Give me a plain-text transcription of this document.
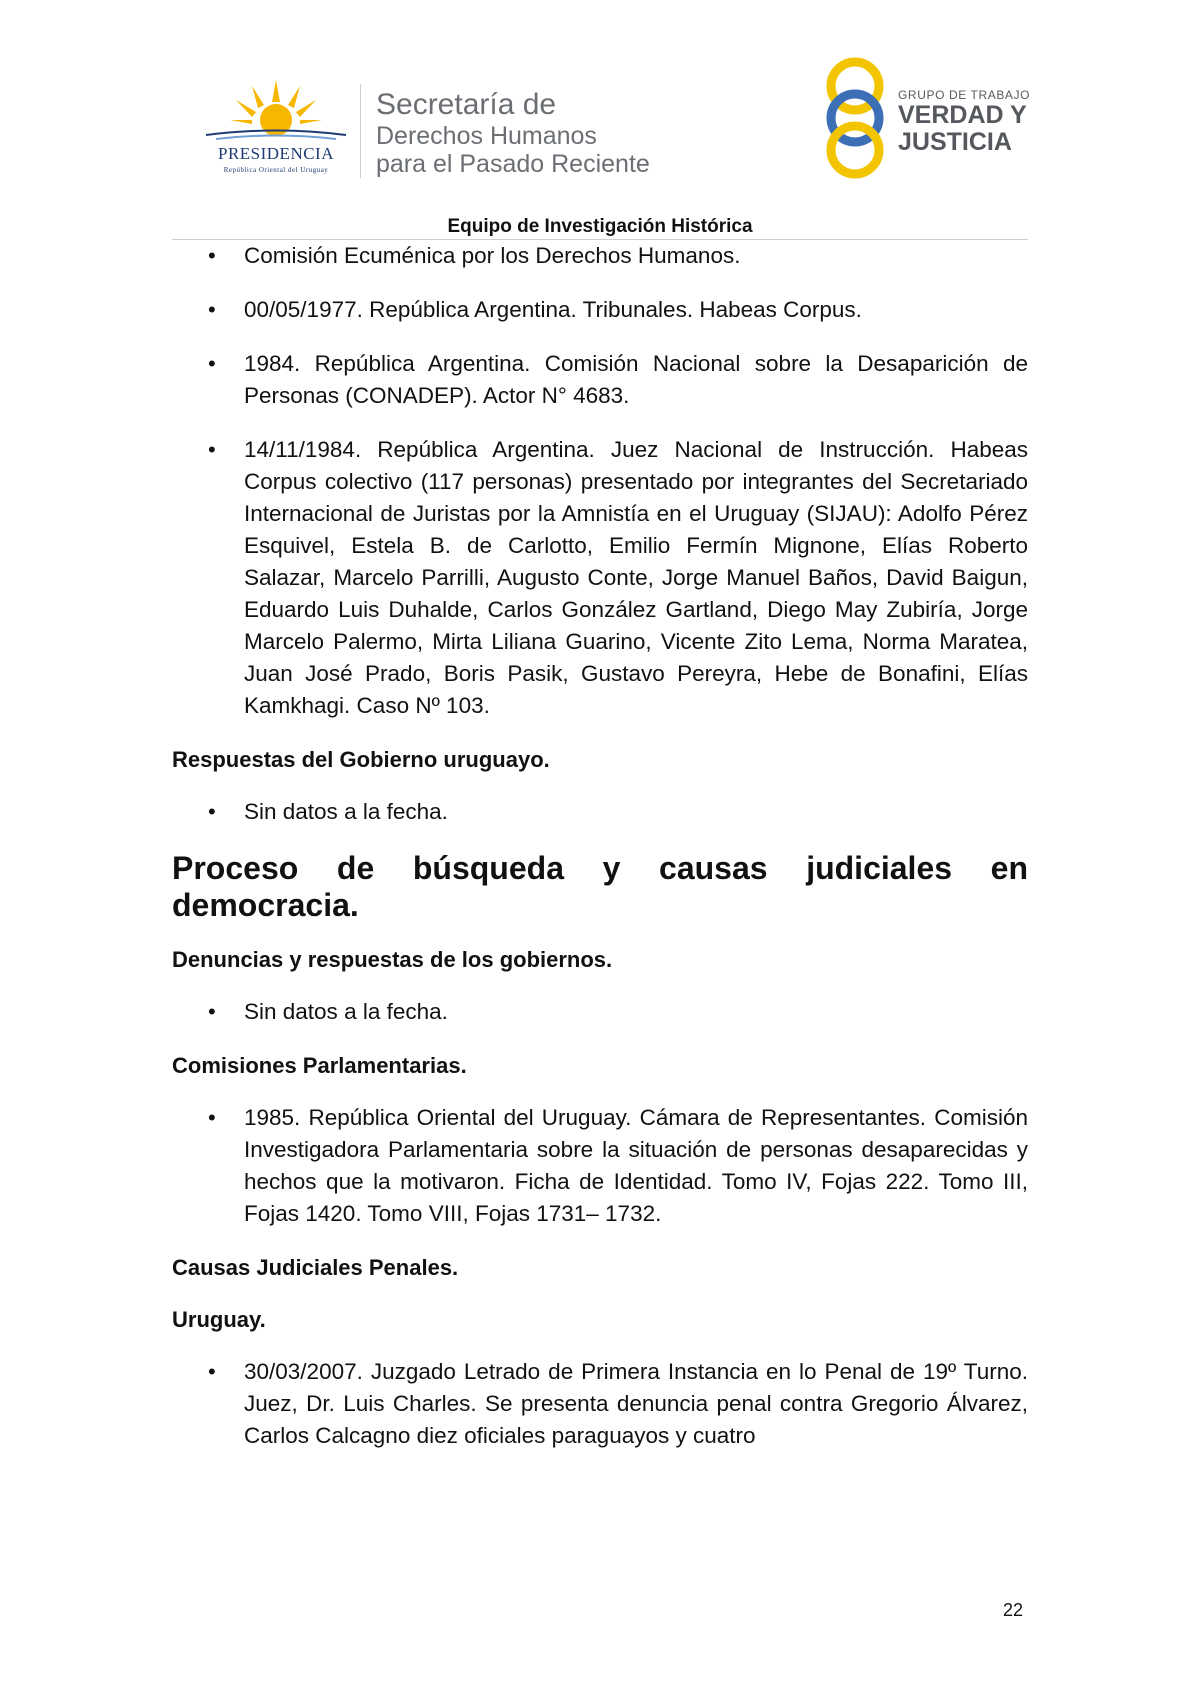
PRESIDENCIA
República Oriental del Uruguay
Secretaría de
Derechos Humanos
para el Pasado Reciente
GRUPO DE TRABAJO
VERDAD Y
JUSTICIA
Equipo de Investigación Histórica
• Comisión Ecuménica por los Derechos Humanos.
• 00/05/1977. República Argentina. Tribunales. Habeas Corpus.
• 1984. República Argentina. Comisión Nacional sobre la Desaparición de Personas (CONADEP). Actor N° 4683.
• 14/11/1984. República Argentina. Juez Nacional de Instrucción. Habeas Corpus colectivo (117 personas) presentado por integrantes del Secretariado Internacional de Juristas por la Amnistía en el Uruguay (SIJAU): Adolfo Pérez Esquivel, Estela B. de Carlotto, Emilio Fermín Mignone, Elías Roberto Salazar, Marcelo Parrilli, Augusto Conte, Jorge Manuel Baños, David Baigun, Eduardo Luis Duhalde, Carlos González Gartland, Diego May Zubiría, Jorge Marcelo Palermo, Mirta Liliana Guarino, Vicente Zito Lema, Norma Maratea, Juan José Prado, Boris Pasik, Gustavo Pereyra, Hebe de Bonafini, Elías Kamkhagi. Caso Nº 103.
Respuestas del Gobierno uruguayo.
• Sin datos a la fecha.
Proceso de búsqueda y causas judiciales en democracia.
Denuncias y respuestas de los gobiernos.
• Sin datos a la fecha.
Comisiones Parlamentarias.
• 1985. República Oriental del Uruguay. Cámara de Representantes. Comisión Investigadora Parlamentaria sobre la situación de personas desaparecidas y hechos que la motivaron. Ficha de Identidad. Tomo IV, Fojas 222. Tomo III, Fojas 1420. Tomo VIII, Fojas 1731– 1732.
Causas Judiciales Penales.
Uruguay.
• 30/03/2007. Juzgado Letrado de Primera Instancia en lo Penal de 19º Turno. Juez, Dr. Luis Charles. Se presenta denuncia penal contra Gregorio Álvarez, Carlos Calcagno diez oficiales paraguayos y cuatro
22
